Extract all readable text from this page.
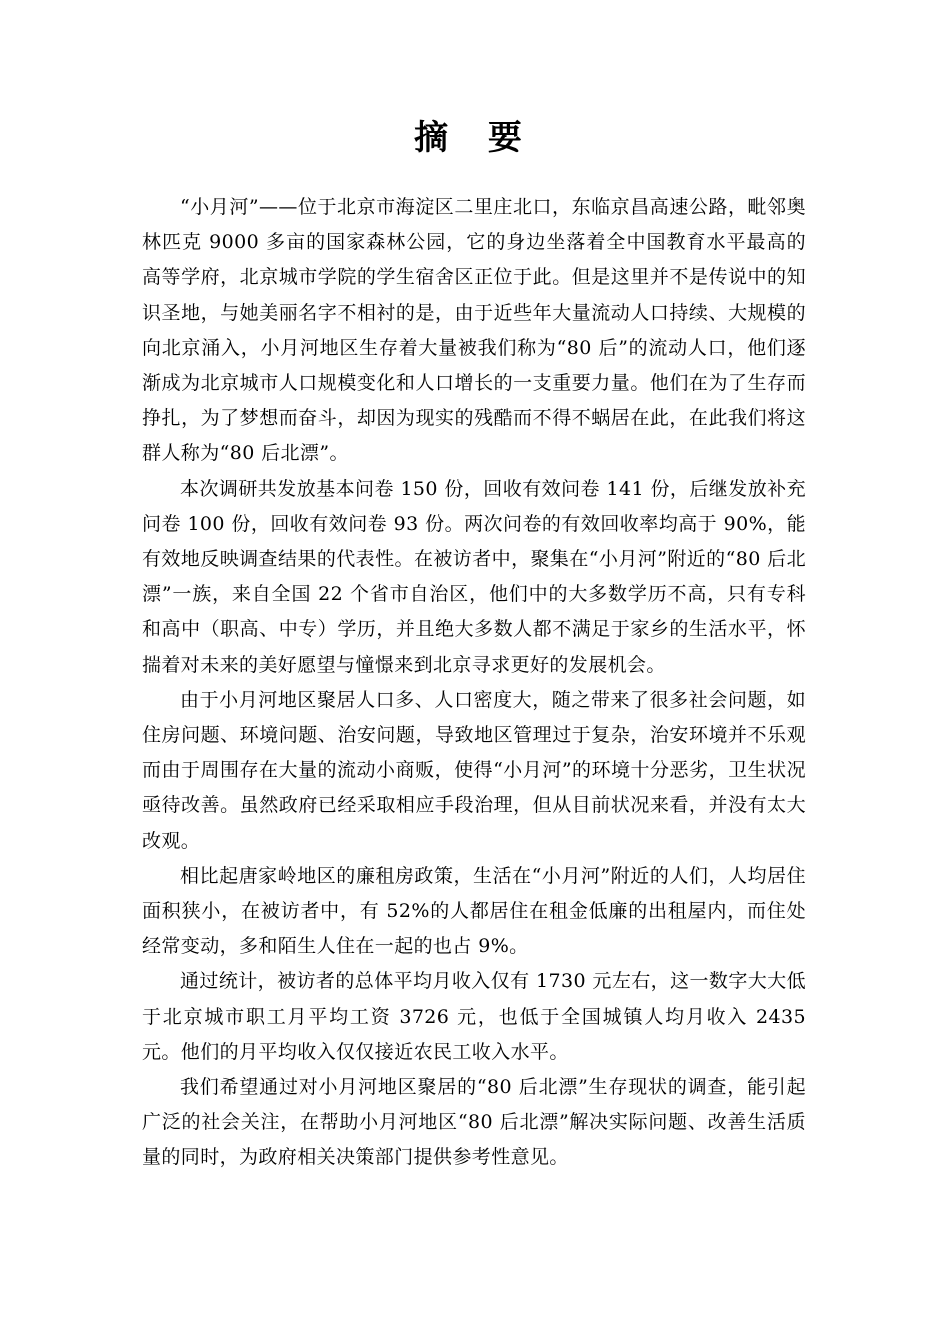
摘 要

“小月河”——位于北京市海淀区二里庄北口，东临京昌高速公路，毗邻奥林匹克 9000 多亩的国家森林公园，它的身边坐落着全中国教育水平最高的高等学府，北京城市学院的学生宿舍区正位于此。但是这里并不是传说中的知识圣地，与她美丽名字不相衬的是，由于近些年大量流动人口持续、大规模的向北京涌入，小月河地区生存着大量被我们称为“80 后”的流动人口，他们逐渐成为北京城市人口规模变化和人口增长的一支重要力量。他们在为了生存而挣扎，为了梦想而奋斗，却因为现实的残酷而不得不蜗居在此，在此我们将这群人称为“80 后北漂”。

本次调研共发放基本问卷 150 份，回收有效问卷 141 份，后继发放补充问卷 100 份，回收有效问卷 93 份。两次问卷的有效回收率均高于 90%，能有效地反映调查结果的代表性。在被访者中，聚集在“小月河”附近的“80 后北漂”一族，来自全国 22 个省市自治区，他们中的大多数学历不高，只有专科和高中（职高、中专）学历，并且绝大多数人都不满足于家乡的生活水平，怀揣着对未来的美好愿望与憧憬来到北京寻求更好的发展机会。

由于小月河地区聚居人口多、人口密度大，随之带来了很多社会问题，如住房问题、环境问题、治安问题，导致地区管理过于复杂，治安环境并不乐观而由于周围存在大量的流动小商贩，使得“小月河”的环境十分恶劣，卫生状况亟待改善。虽然政府已经采取相应手段治理，但从目前状况来看，并没有太大改观。

相比起唐家岭地区的廉租房政策，生活在“小月河”附近的人们，人均居住面积狭小，在被访者中，有 52%的人都居住在租金低廉的出租屋内，而住处经常变动，多和陌生人住在一起的也占 9%。

通过统计，被访者的总体平均月收入仅有 1730 元左右，这一数字大大低于北京城市职工月平均工资 3726 元，也低于全国城镇人均月收入 2435 元。他们的月平均收入仅仅接近农民工收入水平。

我们希望通过对小月河地区聚居的“80 后北漂”生存现状的调查，能引起广泛的社会关注，在帮助小月河地区“80 后北漂”解决实际问题、改善生活质量的同时，为政府相关决策部门提供参考性意见。
